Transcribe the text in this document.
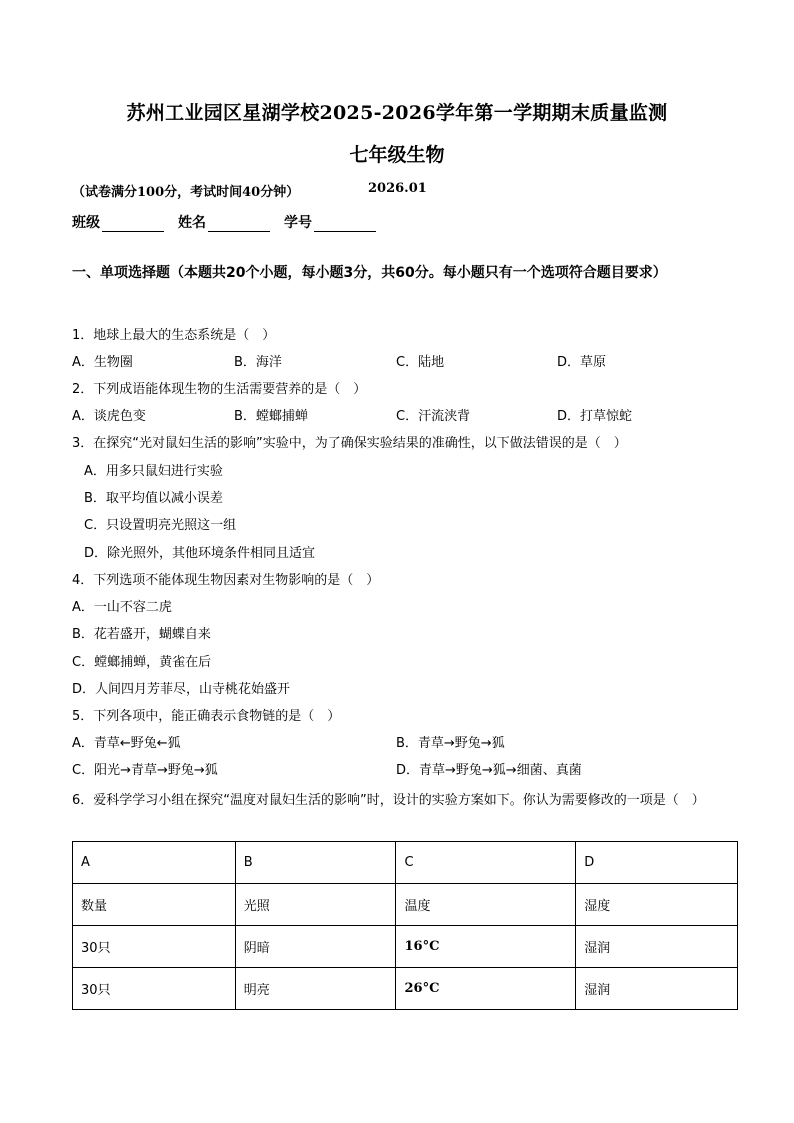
苏州工业园区星湖学校2025-2026学年第一学期期末质量监测
七年级生物
（试卷满分100分，考试时间40分钟）	2026.01
班级	姓名	学号
一、单项选择题（本题共20个小题，每小题3分，共60分。每小题只有一个选项符合题目要求）
1．地球上最大的生态系统是（　）
A．生物圈	B．海洋	C．陆地	D．草原
2．下列成语能体现生物的生活需要营养的是（　）
A．谈虎色变	B．螳螂捕蝉	C．汗流浃背	D．打草惊蛇
3．在探究“光对鼠妇生活的影响”实验中，为了确保实验结果的准确性，以下做法错误的是（　）
A．用多只鼠妇进行实验
B．取平均值以减小误差
C．只设置明亮光照这一组
D．除光照外，其他环境条件相同且适宜
4．下列选项不能体现生物因素对生物影响的是（　）
A．一山不容二虎
B．花若盛开，蝴蝶自来
C．螳螂捕蝉，黄雀在后
D．人间四月芳菲尽，山寺桃花始盛开
5．下列各项中，能正确表示食物链的是（　）
A．青草←野兔←狐	B．青草→野兔→狐
C．阳光→青草→野兔→狐	D．青草→野兔→狐→细菌、真菌
6．爱科学学习小组在探究“温度对鼠妇生活的影响”时，设计的实验方案如下。你认为需要修改的一项是（　）
A	B	C	D
数量	光照	温度	湿度
30只	阴暗	16°C	湿润
30只	明亮	26°C	湿润
